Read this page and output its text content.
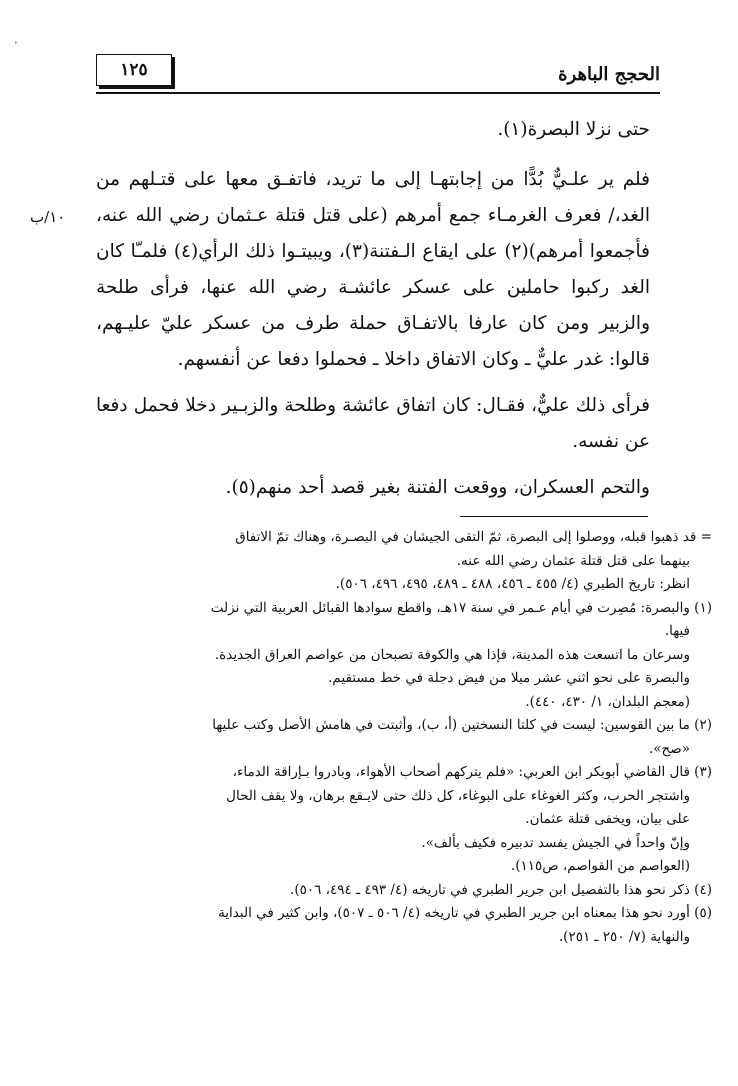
·
الحجج الباهرة
١٢٥
١٠/ب

حتى نزلا البصرة(١).

فلم ير علـيٌّ بُدًّا من إجابتهـا إلى ما تريد، فاتفـق معها على قتـلهم من الغد،/ فعرف الغرمـاء جمع أمرهم (على قتل قتلة عـثمان رضي الله عنه، فأجمعوا أمرهم)(٢) على ايقاع الـفتنة(٣)، ويبيتـوا ذلك الرأي(٤) فلمـّا كان الغد ركبوا حاملين على عسكر عائشـة رضي الله عنها، فرأى طلحة والزبير ومن كان عارفا بالاتفـاق حملة طرف من عسكر عليّ عليـهم، قالوا: غدر عليٌّ ـ وكان الاتفاق داخلا ـ فحملوا دفعا عن أنفسهم.

فرأى ذلك عليٌّ، فقـال: كان اتفاق عائشة وطلحة والزبـير دخلا فحمل دفعا عن نفسه.

والتحم العسكران، ووقعت الفتنة بغير قصد أحد منهم(٥).

= قد ذهبوا قبله، ووصلوا إلى البصرة، ثمّ التقى الجيشان في البصـرة، وهناك تمّ الاتفاق
بينهما على قتل قتلة عثمان رضي الله عنه.
انظر: تاريخ الطبري (٤/ ٤٥٥ ـ ٤٥٦، ٤٨٨ ـ ٤٨٩، ٤٩٥، ٤٩٦، ٥٠٦).
(١) والبصرة: مُصِرت في أيام عـمر في سنة ١٧هـ، واقطع سوادها القبائل العربية التي نزلت
فيها.
وسرعان ما اتسعت هذه المدينة، فإذا هي والكوفة تصبحان من عواصم العراق الجديدة.
والبصرة على نحو اثني عشر ميلا من فيض دجلة في خط مستقيم.
(معجم البلدان، ١/ ٤٣٠، ٤٤٠).
(٢) ما بين القوسين: ليست في كلتا النسختين (أ، ب)، وأثبتت في هامش الأصل وكتب عليها
«صح».
(٣) قال القاضي أبوبكر ابن العربي: «فلم يتركهم أصحاب الأهواء، وبادروا بـإراقة الدماء،
واشتجر الحرب، وكثر الغوغاء على البوغاء، كل ذلك حتى لايـقع برهان، ولا يقف الحال
على بيان، ويخفى قتلة عثمان.
وإنّ واحداً في الجيش يفسد تدبيره فكيف بألف».
(العواصم من القواصم، ص١١٥).
(٤) ذكر نحو هذا بالتفصيل ابن جرير الطبري في تاريخه (٤/ ٤٩٣ ـ ٤٩٤، ٥٠٦).
(٥) أورد نحو هذا بمعناه ابن جرير الطبري في تاريخه (٤/ ٥٠٦ ـ ٥٠٧)، وابن كثير في البداية
والنهاية (٧/ ٢٥٠ ـ ٢٥١).
